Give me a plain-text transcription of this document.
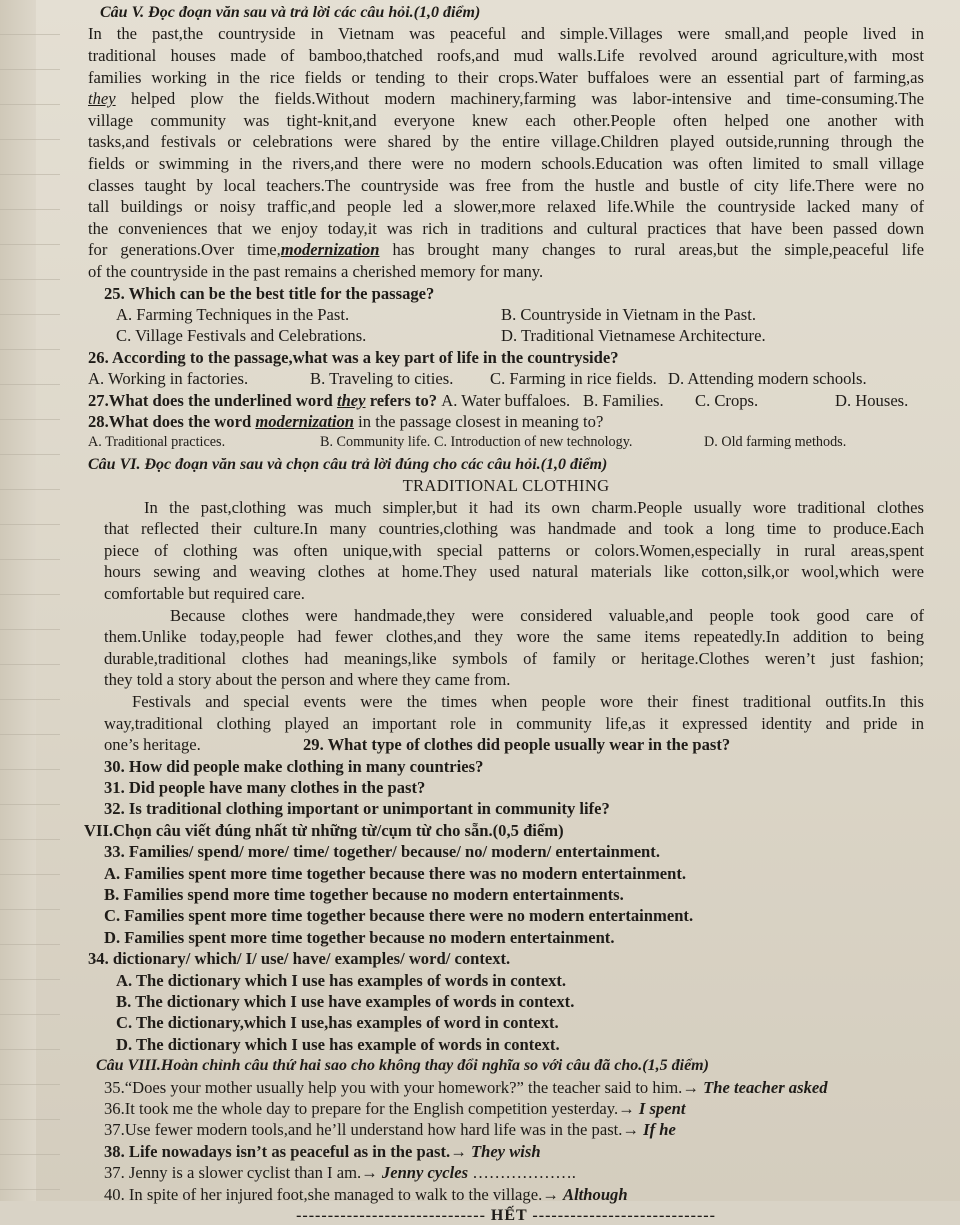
Câu V. Đọc đoạn văn sau và trả lời các câu hỏi.(1,0 điểm)
In the past,the countryside in Vietnam was peaceful and simple.Villages were small,and people lived in
traditional houses made of bamboo,thatched roofs,and mud walls.Life revolved around agriculture,with most
families working in the rice fields or tending to their crops.Water buffaloes were an essential part of farming,as
they helped plow the fields.Without modern machinery,farming was labor-intensive and time-consuming.The
village community was tight-knit,and everyone knew each other.People often helped one another with
tasks,and festivals or celebrations were shared by the entire village.Children played outside,running through the
fields or swimming in the rivers,and there were no modern schools.Education was often limited to small village
classes taught by local teachers.The countryside was free from the hustle and bustle of city life.There were no
tall buildings or noisy traffic,and people led a slower,more relaxed life.While the countryside lacked many of
the conveniences that we enjoy today,it was rich in traditions and cultural practices that have been passed down
for generations.Over time,modernization has brought many changes to rural areas,but the simple,peaceful life
of the countryside in the past remains a cherished memory for many.
25. Which can be the best title for the passage?
A. Farming Techniques in the Past.	B. Countryside in Vietnam in the Past.
C. Village Festivals and Celebrations.	D. Traditional Vietnamese Architecture.
26. According to the passage,what was a key part of life in the countryside?
A. Working in factories.	B. Traveling to cities.	C. Farming in rice fields. D. Attending modern schools.
27.What does the underlined word they refers to? A. Water buffaloes. B. Families.	C. Crops.	D. Houses.
28.What does the word modernization in the passage closest in meaning to?
A. Traditional practices.	B. Community life. C. Introduction of new technology.	D. Old farming methods.
Câu VI. Đọc đoạn văn sau và chọn câu trả lời đúng cho các câu hỏi.(1,0 điểm)
TRADITIONAL CLOTHING
In the past,clothing was much simpler,but it had its own charm.People usually wore traditional clothes
that reflected their culture.In many countries,clothing was handmade and took a long time to produce.Each
piece of clothing was often unique,with special patterns or colors.Women,especially in rural areas,spent
hours sewing and weaving clothes at home.They used natural materials like cotton,silk,or wool,which were
comfortable but required care.
Because clothes were handmade,they were considered valuable,and people took good care of
them.Unlike today,people had fewer clothes,and they wore the same items repeatedly.In addition to being
durable,traditional clothes had meanings,like symbols of family or heritage.Clothes weren’t just fashion;
they told a story about the person and where they came from.
Festivals and special events were the times when people wore their finest traditional outfits.In this
way,traditional clothing played an important role in community life,as it expressed identity and pride in
one’s heritage.	29. What type of clothes did people usually wear in the past?
30. How did people make clothing in many countries?
31. Did people have many clothes in the past?
32. Is traditional clothing important or unimportant in community life?
VII.Chọn câu viết đúng nhất từ những từ/cụm từ cho sẵn.(0,5 điểm)
33. Families/ spend/ more/ time/ together/ because/ no/ modern/ entertainment.
A. Families spent more time together because there was no modern entertainment.
B. Families spend more time together because no modern entertainments.
C. Families spent more time together because there were no modern entertainment.
D. Families spent more time together because no modern entertainment.
34. dictionary/ which/ I/ use/ have/ examples/ word/ context.
A. The dictionary which I use has examples of words in context.
B. The dictionary which I use have examples of words in context.
C. The dictionary,which I use,has examples of word in context.
D. The dictionary which I use has example of words in context.
Câu VIII.Hoàn chỉnh câu thứ hai sao cho không thay đổi nghĩa so với câu đã cho.(1,5 điểm)
35.“Does your mother usually help you with your homework?” the teacher said to him.→ The teacher asked
36.It took me the whole day to prepare for the English competition yesterday.→ I spent
37.Use fewer modern tools,and he’ll understand how hard life was in the past.→ If he
38. Life nowadays isn’t as peaceful as in the past.→ They wish
37. Jenny is a slower cyclist than I am.→ Jenny cycles ……………….
40. In spite of her injured foot,she managed to walk to the village.→ Although
------------------------------ HẾT -----------------------------
